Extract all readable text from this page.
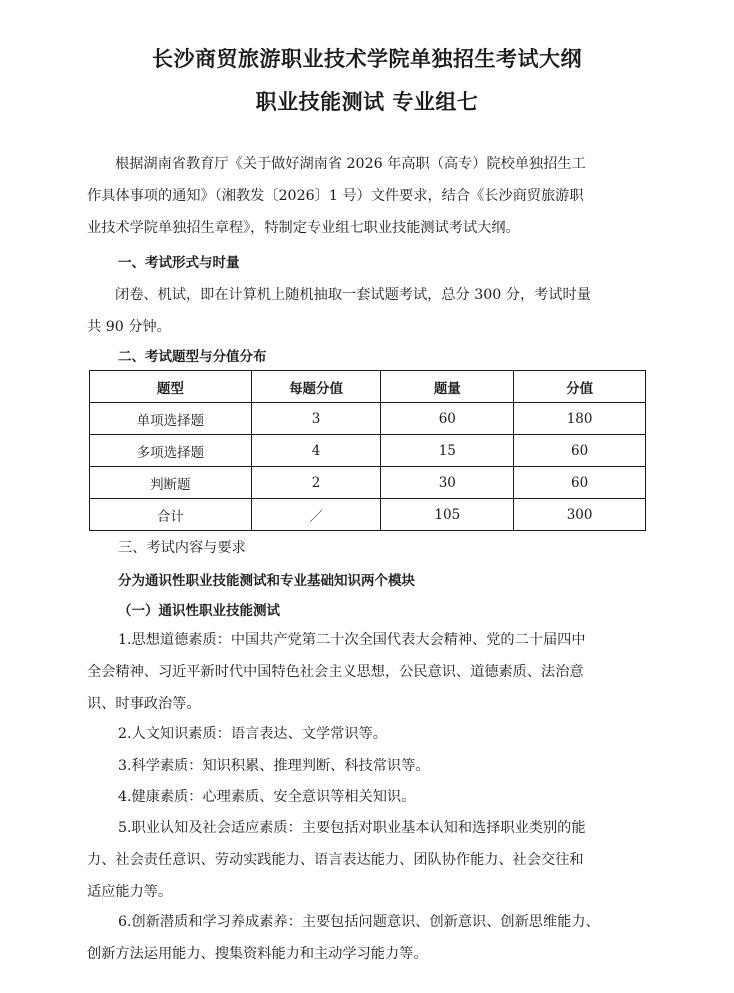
长沙商贸旅游职业技术学院单独招生考试大纲
职业技能测试 专业组七
根据湖南省教育厅《关于做好湖南省 2026 年高职（高专）院校单独招生工
作具体事项的通知》（湘教发〔2026〕1 号）文件要求，结合《长沙商贸旅游职
业技术学院单独招生章程》，特制定专业组七职业技能测试考试大纲。
一、考试形式与时量
闭卷、机试，即在计算机上随机抽取一套试题考试，总分 300 分，考试时量
共 90 分钟。
二、考试题型与分值分布
题型	每题分值	题量	分值
单项选择题	3	60	180
多项选择题	4	15	60
判断题	2	30	60
合计	／	105	300
三、考试内容与要求
分为通识性职业技能测试和专业基础知识两个模块
（一）通识性职业技能测试
1.思想道德素质：中国共产党第二十次全国代表大会精神、党的二十届四中
全会精神、习近平新时代中国特色社会主义思想，公民意识、道德素质、法治意
识、时事政治等。
2.人文知识素质：语言表达、文学常识等。
3.科学素质：知识积累、推理判断、科技常识等。
4.健康素质：心理素质、安全意识等相关知识。
5.职业认知及社会适应素质：主要包括对职业基本认知和选择职业类别的能
力、社会责任意识、劳动实践能力、语言表达能力、团队协作能力、社会交往和
适应能力等。
6.创新潜质和学习养成素养：主要包括问题意识、创新意识、创新思维能力、
创新方法运用能力、搜集资料能力和主动学习能力等。
